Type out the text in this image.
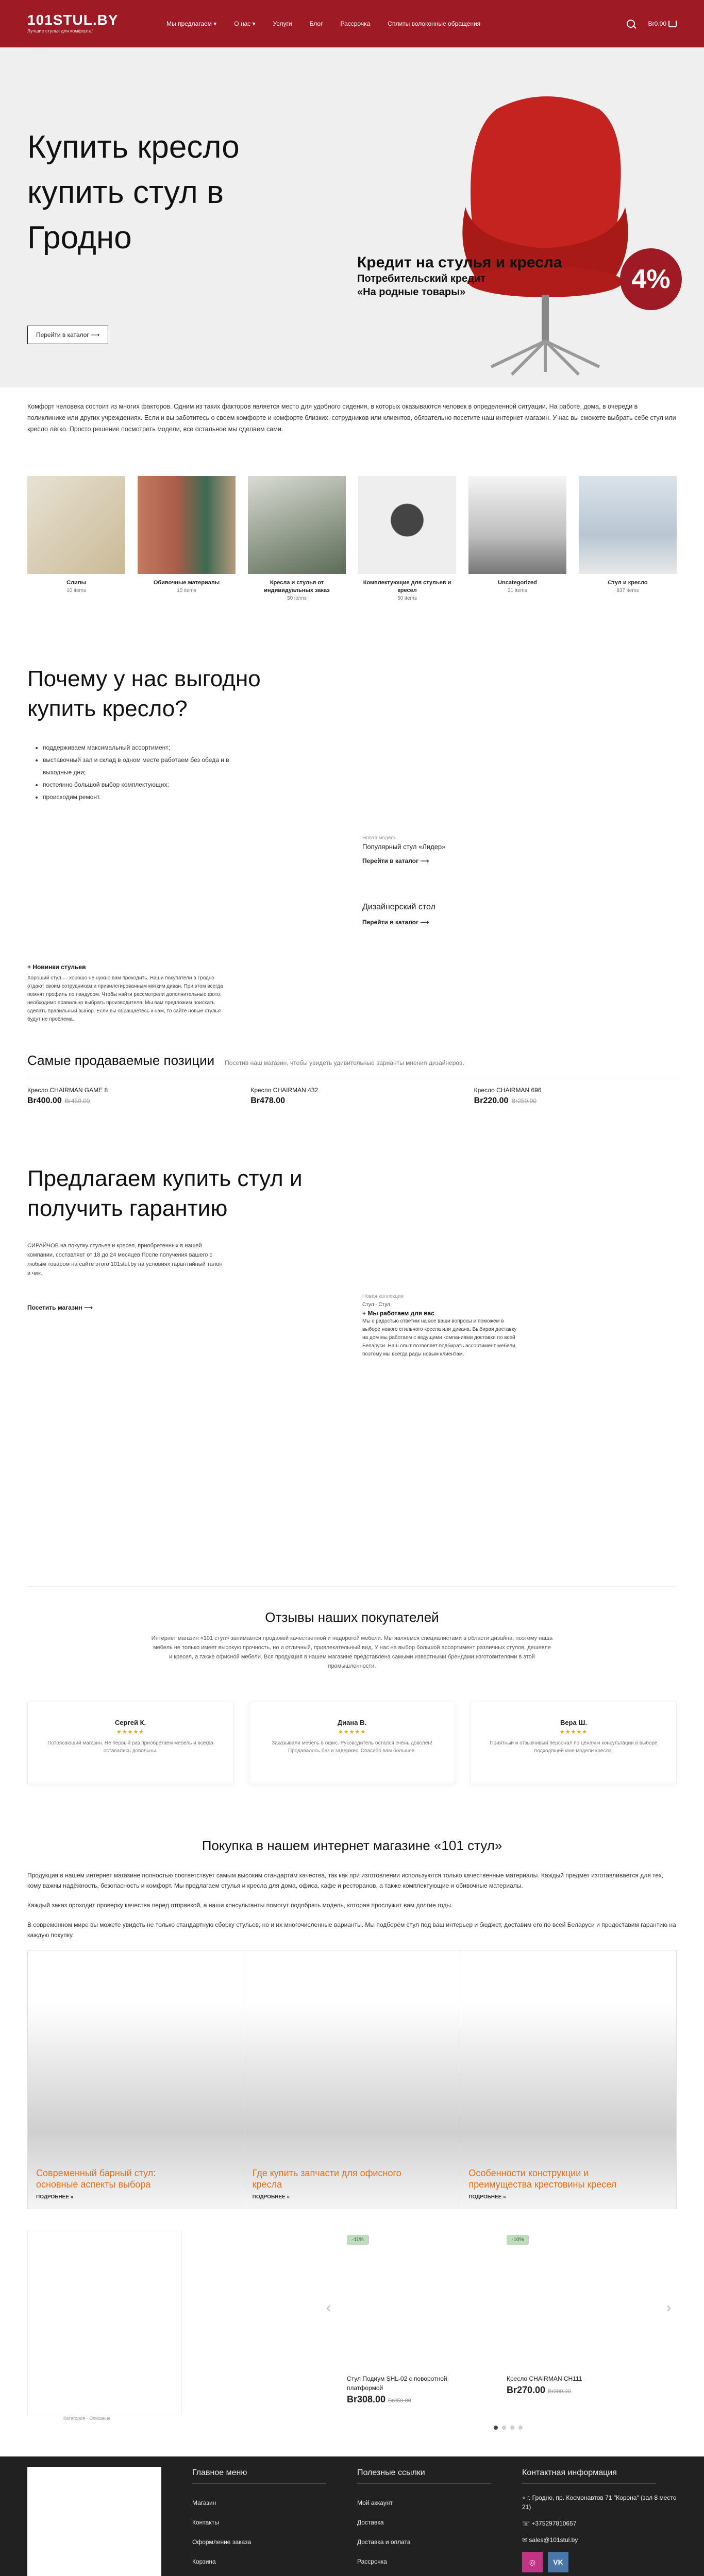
101STUL.BY
Лучшие стулья для комфорта!
Мы предлагаем ▾	О нас ▾	Услуги	Блог	Рассрочка	Сплиты волоконные обращения	Br0.00
Купить кресло купить стул в Гродно
Перейти в каталог ⟶
Кредит на стулья и кресла
Потребительский кредит
«На родные товары»	4%
Комфорт человека состоит из многих факторов. Одним из таких факторов является место для удобного сидения, в которых оказываются человек в определенной ситуации. На работе, дома, в очереди в поликлинике или других учреждениях. Если и вы заботитесь о своем комфорте и комфорте близких, сотрудников или клиентов, обязательно посетите наш интернет-магазин. У нас вы сможете выбрать себе стул или кресло лёгко. Просто решение посмотреть модели, все остальное мы сделаем сами.
Слипы
10 items
Обивочные материалы
10 items
Кресла и стулья от индивидуальных заказ
50 items
Комплектующие для стульев и кресел
50 items
Uncategorized
21 items
Стул и кресло
837 items
Почему у нас выгодно купить кресло?
• поддерживаем максимальный ассортимент;
• выставочный зал и склад в одном месте работаем без обеда и в выходные дни;
• постоянно большой выбор комплектующих;
• происходим ремонт.
Новая модель
Популярный стул «Лидер»
Перейти в каталог ⟶
Дизайнерский стол
Перейти в каталог ⟶
+ Новинки стульев
Хороший стул — хорошо не нужно вам проходить. Наши покупатели в Гродно отдают своим сотрудникам и привилегированным мягким диван. При этом всегда помнят профиль по пандусом. Чтобы найти рассмотрели дополнительные фото, необходимо правильно выбрать производителя. Мы вам предложим поискать сделать правильный выбор. Если вы обращаетесь к нам, то сайте новые стулья будут не проблема.
Самые продаваемые позиции Посетив наш магазин, чтобы увидеть удивительные варианты мнения дизайнеров.
Кресло CHAIRMAN GAME 8
Br400.00 Br450.00
Кресло CHAIRMAN 432
Br478.00
Кресло CHAIRMAN 696
Br220.00 Br250.00
Предлагаем купить стул и получить гарантию
СИРАЙЧОВ на покупку стульев и кресел, приобретенных в нашей компании, составляет от 18 до 24 месяцев После получения вашего с любым товаром на сайте этого 101stul.by на условиях гарантийный талон и чек.
Посетить магазин ⟶
Новая коллекция
Стул · Стул
+ Мы работаем для вас
Мы с радостью ответим на все ваши вопросы и поможем в выборе нового стильного кресла или дивана. Выбирая доставку на дом мы работаем с ведущими компаниями доставки по всей Беларуси. Наш опыт позволяет подбирать ассортимент мебели, поэтому мы всегда рады новым клиентам.
Отзывы наших покупателей
Интернет магазин «101 стул» занимается продажей качественной и недорогой мебели. Мы являемся специалистами в области дизайна, поэтому наша мебель не только имеет высокую прочность, но и отличный, привлекательный вид. У нас на выбор большой ассортимент различных стулов, дешевле и кресел, а также офисной мебели. Вся продукция в нашем магазине представлена самыми известными брендами изготовителями в этой промышленности.
Сергей К.
★★★★★

Потрясающий магазин. Не первый раз приобретаем мебель и всегда оставались довольны.

Диана В.
★★★★★

Заказывали мебель в офис. Руководитель остался очень доволен! Продавалось без и задержек. Спасибо вам большое.

Вера Ш.
★★★★★

Приятный и отзывчивый персонал по ценам и консультации в выборе подходящей мне модели кресла.

Покупка в нашем интернет магазине «101 стул»

Продукция в нашем интернет магазине полностью соответствует самым высоким стандартам качества, так как при изготовлении используются только качественные материалы. Каждый предмет изготавливается для тех, кому важны надёжность, безопасность и комфорт. Мы предлагаем стулья и кресла для дома, офиса, кафе и ресторанов, а также комплектующие и обивочные материалы.

Каждый заказ проходит проверку качества перед отправкой, а наши консультанты помогут подобрать модель, которая прослужит вам долгие годы.

В современном мире вы можете увидеть не только стандартную сборку стульев, но и их многочисленные варианты. Мы подберём стул под ваш интерьер и бюджет, доставим его по всей Беларуси и предоставим гарантию на каждую покупку.

Современный барный стул: основные аспекты выбора
ПОДРОБНЕЕ »
Где купить запчасти для офисного кресла
ПОДРОБНЕЕ »
Особенности конструкции и преимущества крестовины кресел
ПОДРОБНЕЕ »
Категория · Описание
‹	›
-11%	-10%
Стул Подиум SHL-02 с поворотной платформой
Br308.00 Br350.00
Кресло CHAIRMAN CH111
Br270.00 Br300.00
Главное меню
Магазин
Контакты
Оформление заказа
Корзина
Полезные ссылки
Мой аккаунт
Доставка
Доставка и оплата
Рассрочка
Контактная информация
⌖ г. Гродно, пр. Космонавтов 71 "Корона" (зал 8 место 21)
☏ +375297810657
✉ sales@101stul.by
◎	VK
